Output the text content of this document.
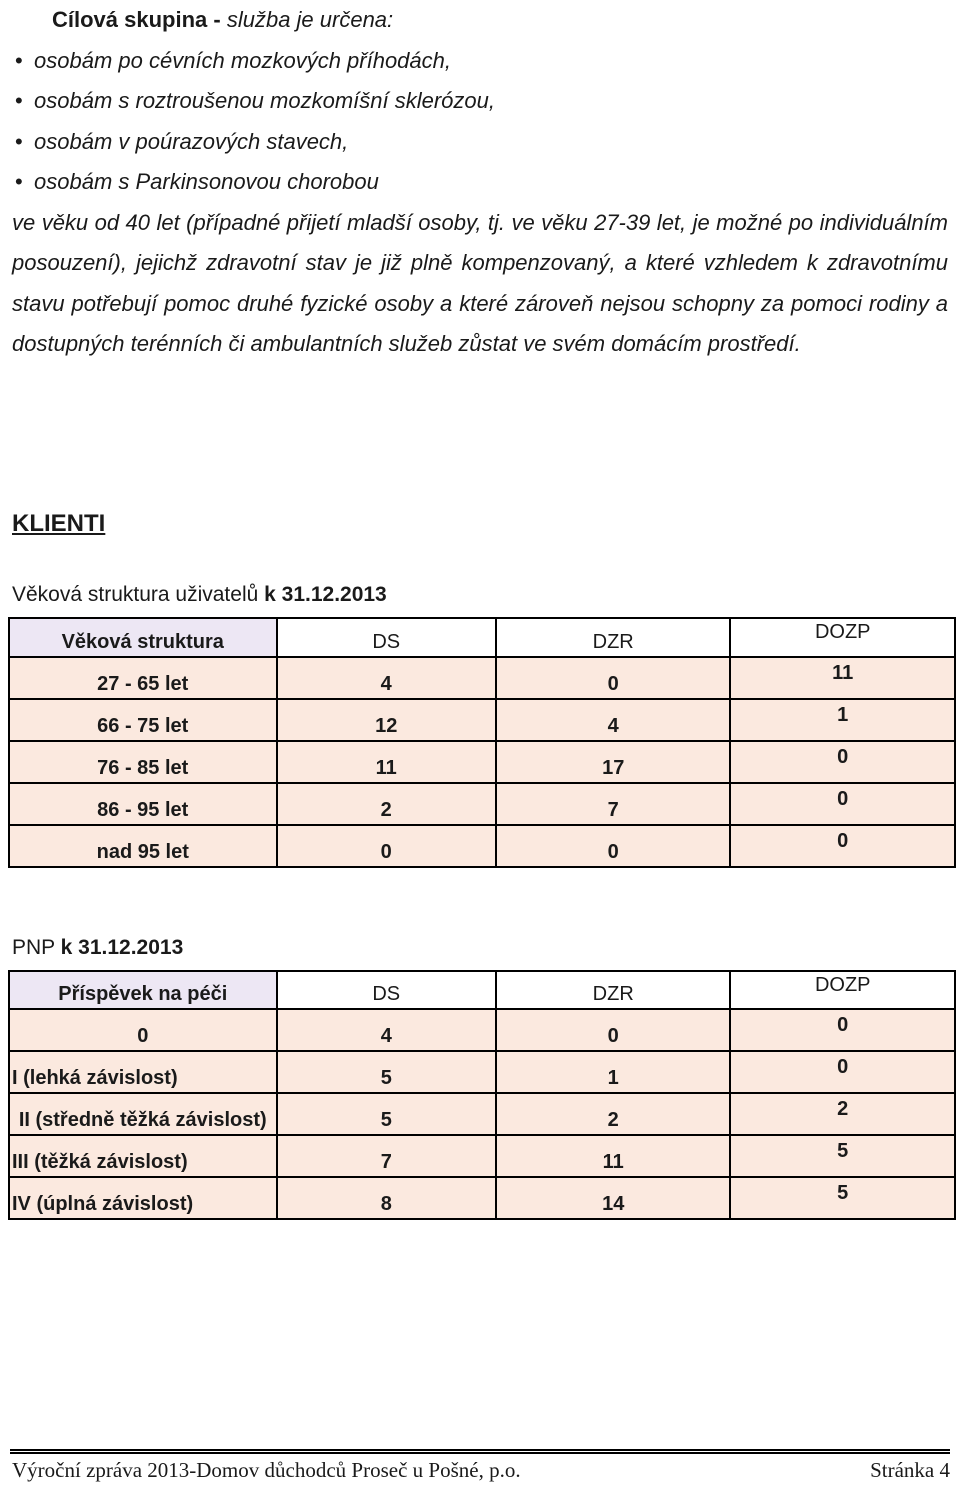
Cílová skupina - služba je určena:
• osobám po cévních mozkových příhodách,
• osobám s roztroušenou mozkomíšní sklerózou,
• osobám v poúrazových stavech,
• osobám s Parkinsonovou chorobou

ve věku od 40 let (případné přijetí mladší osoby, tj. ve věku 27-39 let, je možné po individuálním posouzení), jejichž zdravotní stav je již plně kompenzovaný, a které vzhledem k zdravotnímu stavu potřebují pomoc druhé fyzické osoby a které zároveň nejsou schopny za pomoci rodiny a dostupných terénních či ambulantních služeb zůstat ve svém domácím prostředí.

KLIENTI
Věková struktura uživatelů k 31.12.2013
Věková struktura	DS	DZR	DOZP
27 - 65 let	4	0	11
66 - 75 let	12	4	1
76 - 85 let	11	17	0
86 - 95 let	2	7	0
nad 95 let	0	0	0
PNP k 31.12.2013
Příspěvek na péči	DS	DZR	DOZP
0	4	0	0
I (lehká závislost)	5	1	0
II (středně těžká závislost)	5	2	2
III (těžká závislost)	7	11	5
IV (úplná závislost)	8	14	5
Výroční zpráva 2013-Domov důchodců Proseč u Pošné, p.o.	Stránka 4
